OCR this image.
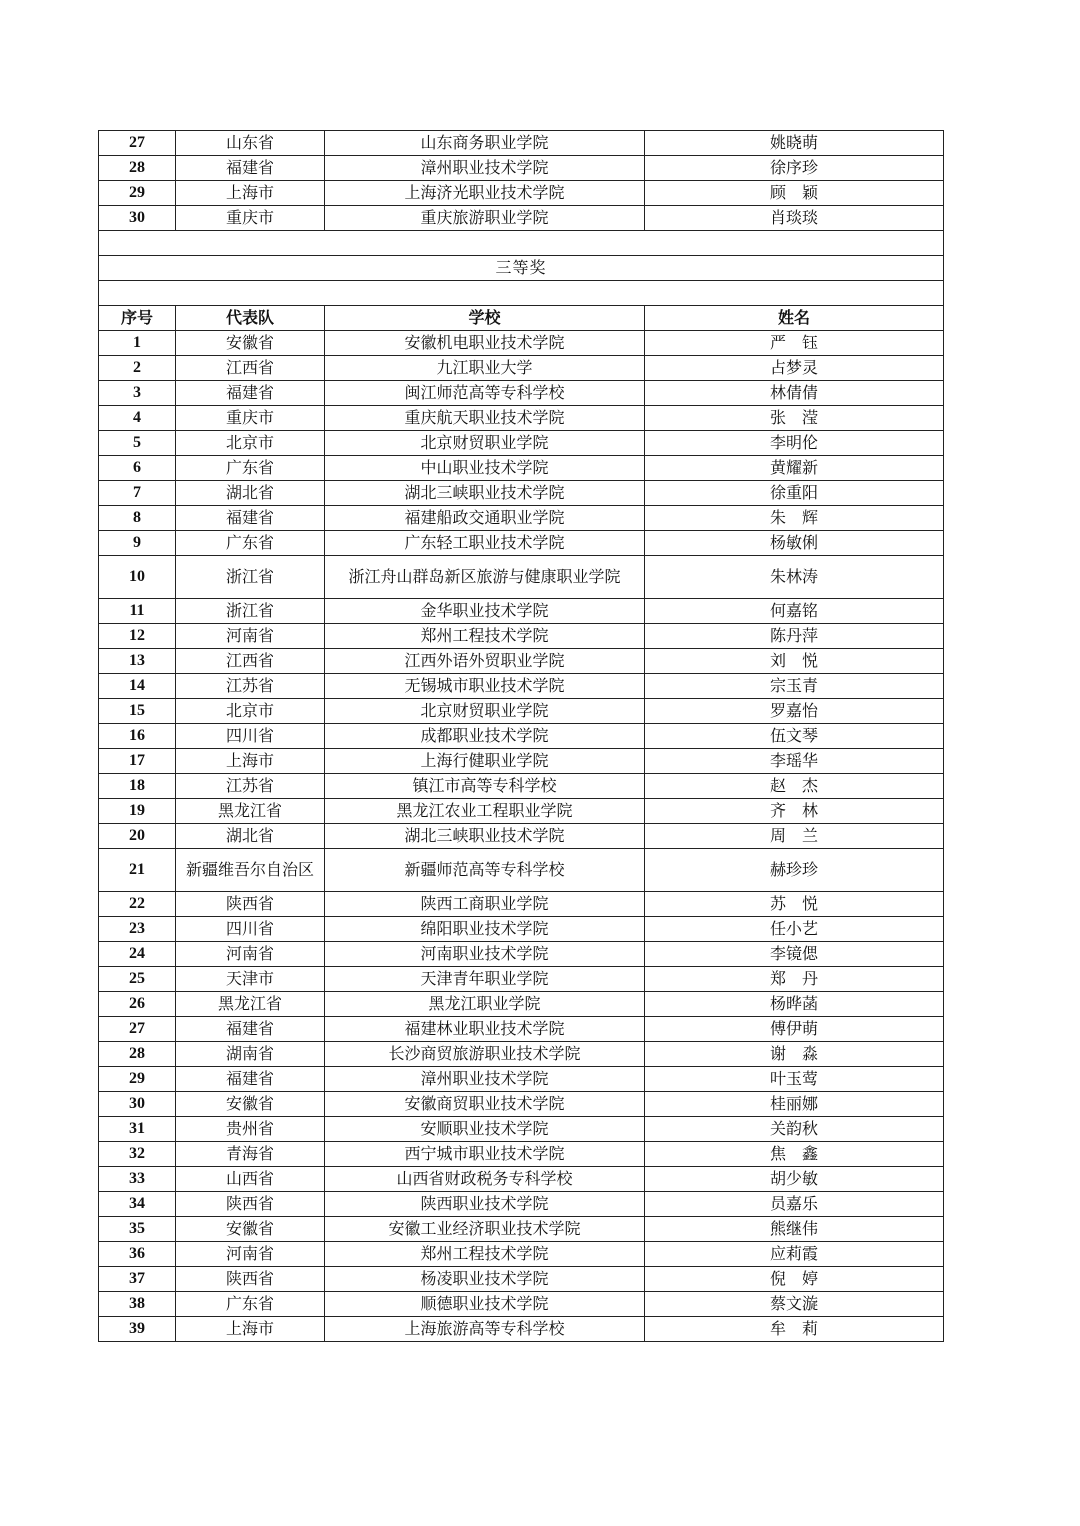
27	山东省	山东商务职业学院	姚晓萌
28	福建省	漳州职业技术学院	徐序珍
29	上海市	上海济光职业技术学院	顾　颖
30	重庆市	重庆旅游职业学院	肖琰琰

三等奖			

序号	代表队	学校	姓名
1	安徽省	安徽机电职业技术学院	严　钰
2	江西省	九江职业大学	占梦灵
3	福建省	闽江师范高等专科学校	林倩倩
4	重庆市	重庆航天职业技术学院	张　滢
5	北京市	北京财贸职业学院	李明伦
6	广东省	中山职业技术学院	黄耀新
7	湖北省	湖北三峡职业技术学院	徐重阳
8	福建省	福建船政交通职业学院	朱　辉
9	广东省	广东轻工职业技术学院	杨敏俐
10	浙江省	浙江舟山群岛新区旅游与健康职业学院	朱林涛
11	浙江省	金华职业技术学院	何嘉铭
12	河南省	郑州工程技术学院	陈丹萍
13	江西省	江西外语外贸职业学院	刘　悦
14	江苏省	无锡城市职业技术学院	宗玉青
15	北京市	北京财贸职业学院	罗嘉怡
16	四川省	成都职业技术学院	伍文琴
17	上海市	上海行健职业学院	李瑶华
18	江苏省	镇江市高等专科学校	赵　杰
19	黑龙江省	黑龙江农业工程职业学院	齐　林
20	湖北省	湖北三峡职业技术学院	周　兰
21	新疆维吾尔自治区	新疆师范高等专科学校	赫珍珍
22	陕西省	陕西工商职业学院	苏　悦
23	四川省	绵阳职业技术学院	任小艺
24	河南省	河南职业技术学院	李镜偲
25	天津市	天津青年职业学院	郑　丹
26	黑龙江省	黑龙江职业学院	杨晔菡
27	福建省	福建林业职业技术学院	傅伊萌
28	湖南省	长沙商贸旅游职业技术学院	谢　淼
29	福建省	漳州职业技术学院	叶玉莺
30	安徽省	安徽商贸职业技术学院	桂丽娜
31	贵州省	安顺职业技术学院	关韵秋
32	青海省	西宁城市职业技术学院	焦　鑫
33	山西省	山西省财政税务专科学校	胡少敏
34	陕西省	陕西职业技术学院	员嘉乐
35	安徽省	安徽工业经济职业技术学院	熊继伟
36	河南省	郑州工程技术学院	应莉霞
37	陕西省	杨凌职业技术学院	倪　婷
38	广东省	顺德职业技术学院	蔡文漩
39	上海市	上海旅游高等专科学校	牟　莉
